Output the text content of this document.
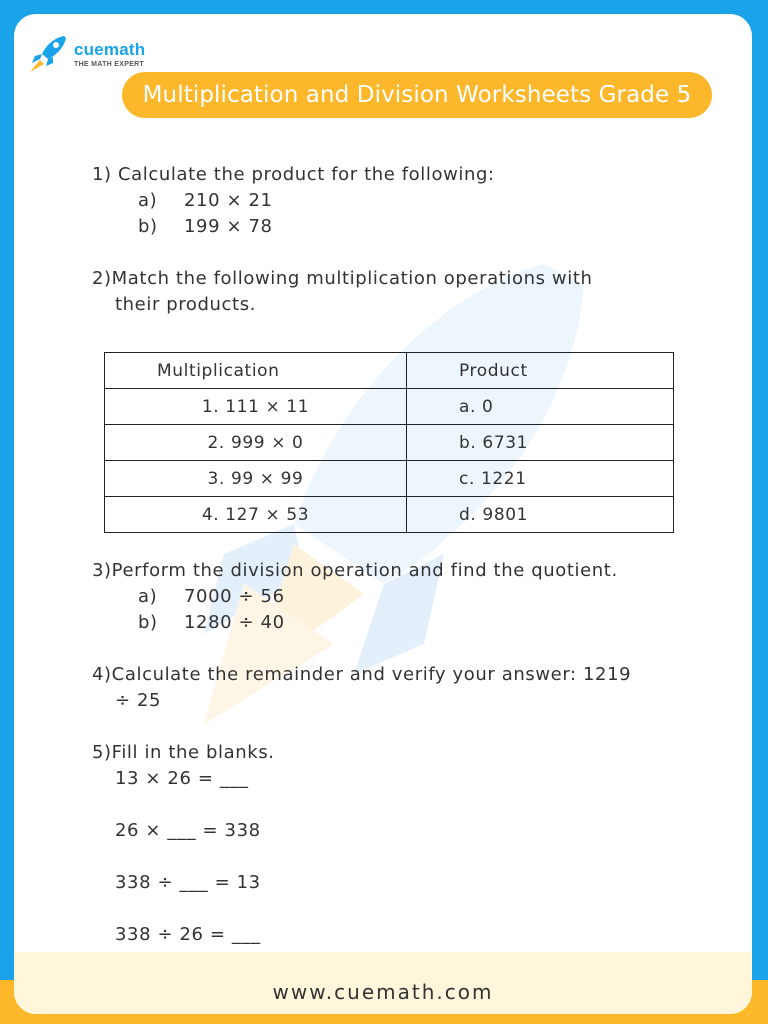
cuemath
THE MATH EXPERT
Multiplication and Division Worksheets Grade 5
1) Calculate the product for the following:
a)	210 × 21
b)	199 × 78
2)Match the following multiplication operations with
their products.
Multiplication	Product
1. 111 × 11	a. 0
2. 999 × 0	b. 6731
3. 99 × 99	c. 1221
4. 127 × 53	d. 9801
3)Perform the division operation and find the quotient.
a)	7000 ÷ 56
b)	1280 ÷ 40
4)Calculate the remainder and verify your answer: 1219
÷ 25
5)Fill in the blanks.
13 × 26 = ___
26 × ___ = 338
338 ÷ ___ = 13
338 ÷ 26 = ___
www.cuemath.com
